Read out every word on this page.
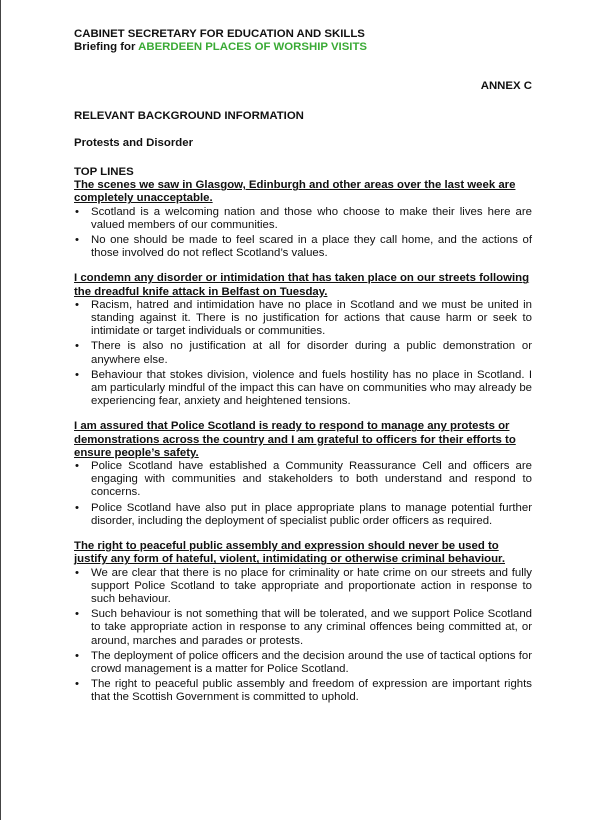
CABINET SECRETARY FOR EDUCATION AND SKILLS

Briefing for ABERDEEN PLACES OF WORSHIP VISITS

ANNEX C

RELEVANT BACKGROUND INFORMATION

Protests and Disorder

TOP LINES

The scenes we saw in Glasgow, Edinburgh and other areas over the last week are completely unacceptable.

• Scotland is a welcoming nation and those who choose to make their lives here are valued members of our communities.
• No one should be made to feel scared in a place they call home, and the actions of those involved do not reflect Scotland’s values.

I condemn any disorder or intimidation that has taken place on our streets following the dreadful knife attack in Belfast on Tuesday.

• Racism, hatred and intimidation have no place in Scotland and we must be united in standing against it. There is no justification for actions that cause harm or seek to intimidate or target individuals or communities.
• There is also no justification at all for disorder during a public demonstration or anywhere else.
• Behaviour that stokes division, violence and fuels hostility has no place in Scotland. I am particularly mindful of the impact this can have on communities who may already be experiencing fear, anxiety and heightened tensions.

I am assured that Police Scotland is ready to respond to manage any protests or demonstrations across the country and I am grateful to officers for their efforts to ensure people’s safety.

• Police Scotland have established a Community Reassurance Cell and officers are engaging with communities and stakeholders to both understand and respond to concerns.
• Police Scotland have also put in place appropriate plans to manage potential further disorder, including the deployment of specialist public order officers as required.

The right to peaceful public assembly and expression should never be used to justify any form of hateful, violent, intimidating or otherwise criminal behaviour.

• We are clear that there is no place for criminality or hate crime on our streets and fully support Police Scotland to take appropriate and proportionate action in response to such behaviour.
• Such behaviour is not something that will be tolerated, and we support Police Scotland to take appropriate action in response to any criminal offences being committed at, or around, marches and parades or protests.
• The deployment of police officers and the decision around the use of tactical options for crowd management is a matter for Police Scotland.
• The right to peaceful public assembly and freedom of expression are important rights that the Scottish Government is committed to uphold.
